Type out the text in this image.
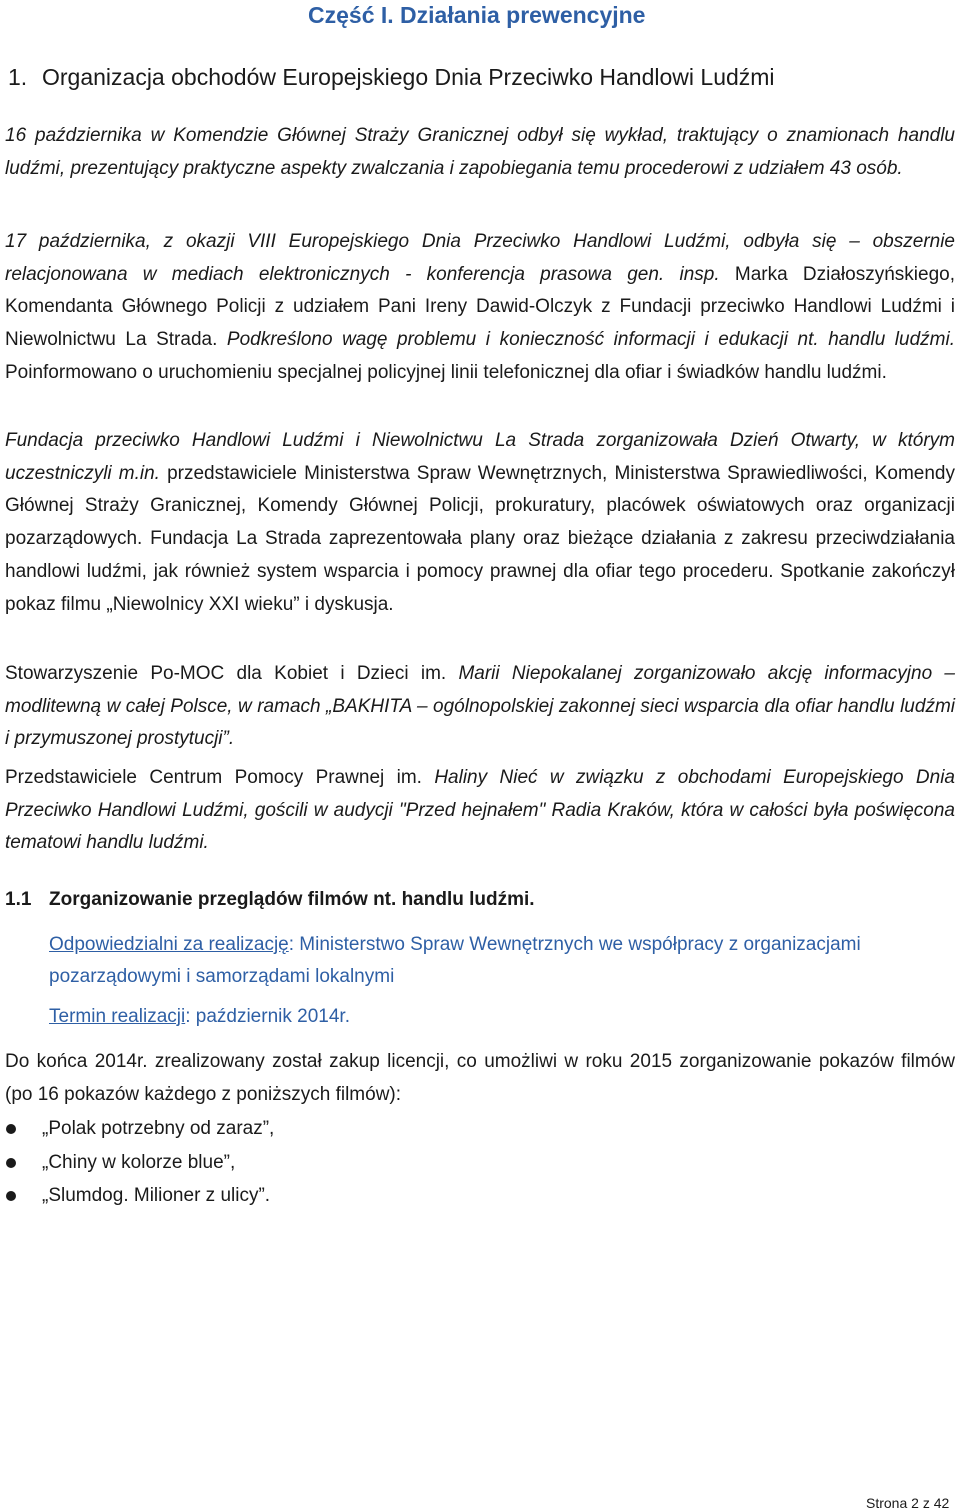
Część I. Działania prewencyjne
1. Organizacja obchodów Europejskiego Dnia Przeciwko Handlowi Ludźmi

16 października w Komendzie Głównej Straży Granicznej odbył się wykład, traktujący o znamionach handlu ludźmi, prezentujący praktyczne aspekty zwalczania i zapobiegania temu procederowi z udziałem 43 osób.

17 października, z okazji VIII Europejskiego Dnia Przeciwko Handlowi Ludźmi, odbyła się – obszernie relacjonowana w mediach elektronicznych - konferencja prasowa gen. insp. Marka Działoszyńskiego, Komendanta Głównego Policji z udziałem Pani Ireny Dawid-Olczyk z Fundacji przeciwko Handlowi Ludźmi i Niewolnictwu La Strada. Podkreślono wagę problemu i konieczność informacji i edukacji nt. handlu ludźmi. Poinformowano o uruchomieniu specjalnej policyjnej linii telefonicznej dla ofiar i świadków handlu ludźmi.

Fundacja przeciwko Handlowi Ludźmi i Niewolnictwu La Strada zorganizowała Dzień Otwarty, w którym uczestniczyli m.in. przedstawiciele Ministerstwa Spraw Wewnętrznych, Ministerstwa Sprawiedliwości, Komendy Głównej Straży Granicznej, Komendy Głównej Policji, prokuratury, placówek oświatowych oraz organizacji pozarządowych. Fundacja La Strada zaprezentowała plany oraz bieżące działania z zakresu przeciwdziałania handlowi ludźmi, jak również system wsparcia i pomocy prawnej dla ofiar tego procederu. Spotkanie zakończył pokaz filmu „Niewolnicy XXI wieku” i dyskusja.

Stowarzyszenie Po-MOC dla Kobiet i Dzieci im. Marii Niepokalanej zorganizowało akcję informacyjno – modlitewną w całej Polsce, w ramach „BAKHITA – ogólnopolskiej zakonnej sieci wsparcia dla ofiar handlu ludźmi i przymuszonej prostytucji”.

Przedstawiciele Centrum Pomocy Prawnej im. Haliny Nieć w związku z obchodami Europejskiego Dnia Przeciwko Handlowi Ludźmi, gościli w audycji "Przed hejnałem" Radia Kraków, która w całości była poświęcona tematowi handlu ludźmi.

1.1 Zorganizowanie przeglądów filmów nt. handlu ludźmi.
Odpowiedzialni za realizację: Ministerstwo Spraw Wewnętrznych we współpracy z organizacjami pozarządowymi i samorządami lokalnymi
Termin realizacji: październik 2014r.

Do końca 2014r. zrealizowany został zakup licencji, co umożliwi w roku 2015 zorganizowanie pokazów filmów (po 16 pokazów każdego z poniższych filmów):

„Polak potrzebny od zaraz”,
„Chiny w kolorze blue”,
„Slumdog. Milioner z ulicy”.
Strona 2 z 42
